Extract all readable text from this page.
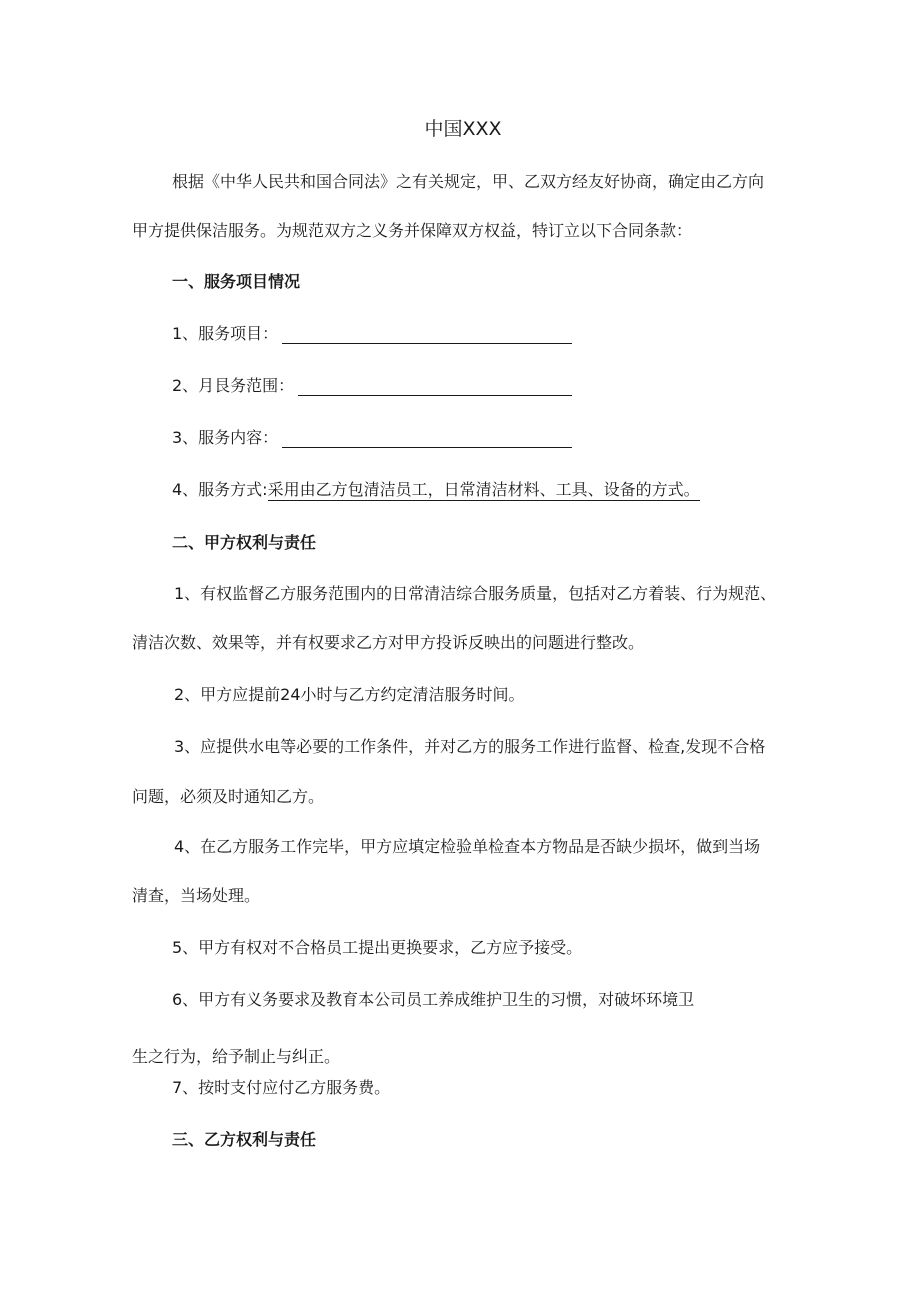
中国XXX
根据《中华人民共和国合同法》之有关规定，甲、乙双方经友好协商，确定由乙方向
甲方提供保洁服务。为规范双方之义务并保障双方权益，特订立以下合同条款：
一、服务项目情况
1、服务项目：
2、月艮务范围：
3、服务内容：
4、服务方式:采用由乙方包清洁员工，日常清洁材料、工具、设备的方式。
二、甲方权利与责任
1、有权监督乙方服务范围内的日常清洁综合服务质量，包括对乙方着装、行为规范、
清洁次数、效果等，并有权要求乙方对甲方投诉反映出的问题进行整改。
2、甲方应提前24小时与乙方约定清洁服务时间。
3、应提供水电等必要的工作条件，并对乙方的服务工作进行监督、检查,发现不合格
问题，必须及时通知乙方。
4、在乙方服务工作完毕，甲方应填定检验单检查本方物品是否缺少损坏，做到当场
清查，当场处理。
5、甲方有权对不合格员工提出更换要求，乙方应予接受。
6、甲方有义务要求及教育本公司员工养成维护卫生的习惯，对破坏环境卫
生之行为，给予制止与纠正。
7、按时支付应付乙方服务费。
三、乙方权利与责任
